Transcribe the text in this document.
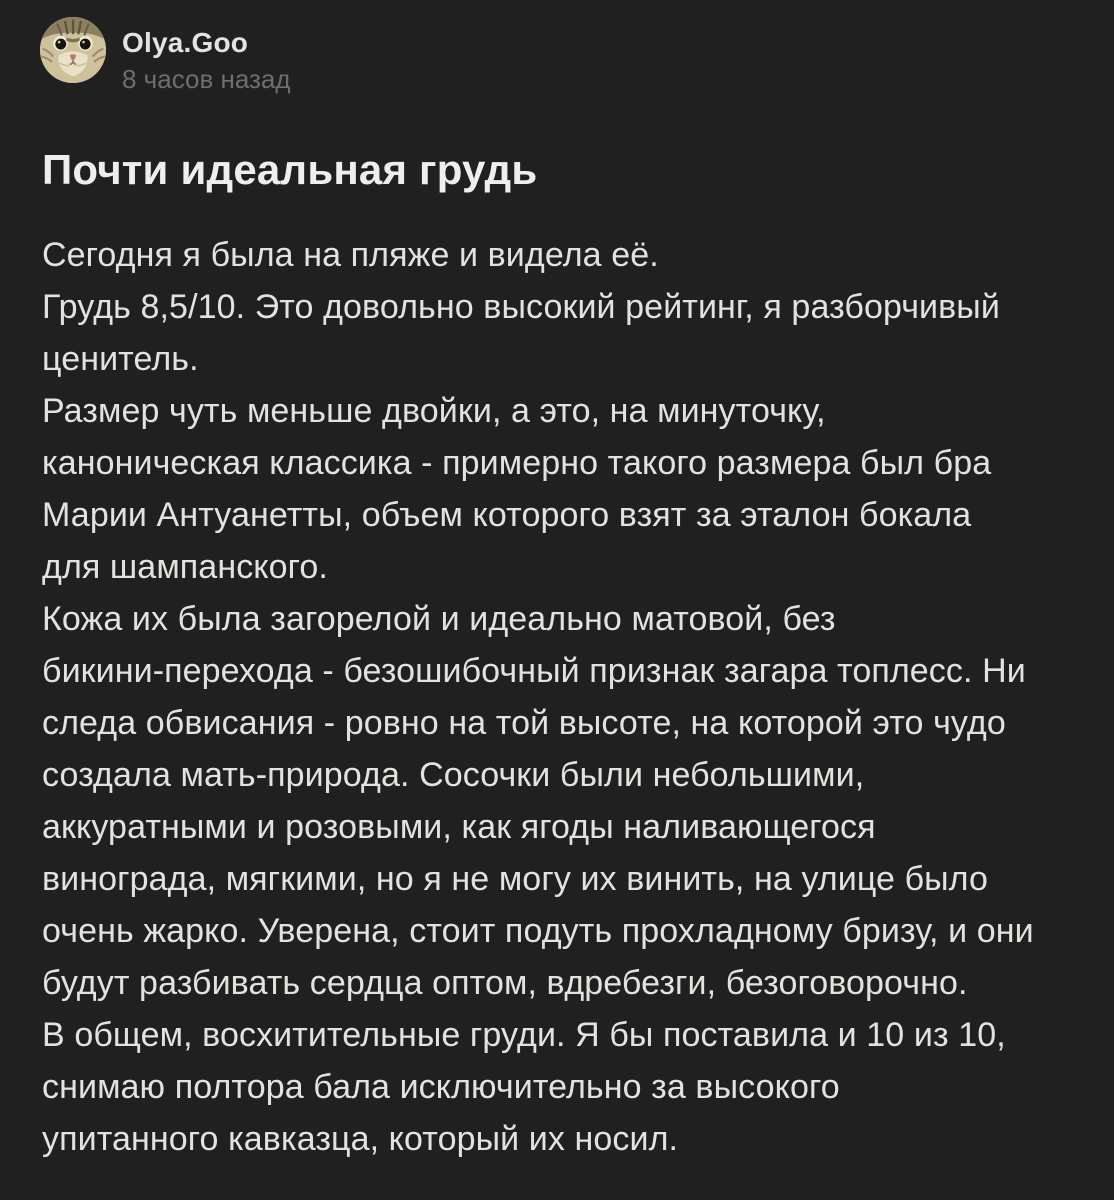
Olya.Goo
8 часов назад
Почти идеальная грудь
Сегодня я была на пляже и видела её.
Грудь 8,5/10. Это довольно высокий рейтинг, я разборчивый
ценитель.
Размер чуть меньше двойки, а это, на минуточку,
каноническая классика - примерно такого размера был бра
Марии Антуанетты, объем которого взят за эталон бокала
для шампанского.
Кожа их была загорелой и идеально матовой, без
бикини-перехода - безошибочный признак загара топлесс. Ни
следа обвисания - ровно на той высоте, на которой это чудо
создала мать-природа. Сосочки были небольшими,
аккуратными и розовыми, как ягоды наливающегося
винограда, мягкими, но я не могу их винить, на улице было
очень жарко. Уверена, стоит подуть прохладному бризу, и они
будут разбивать сердца оптом, вдребезги, безоговорочно.
В общем, восхитительные груди. Я бы поставила и 10 из 10,
снимаю полтора бала исключительно за высокого
упитанного кавказца, который их носил.
